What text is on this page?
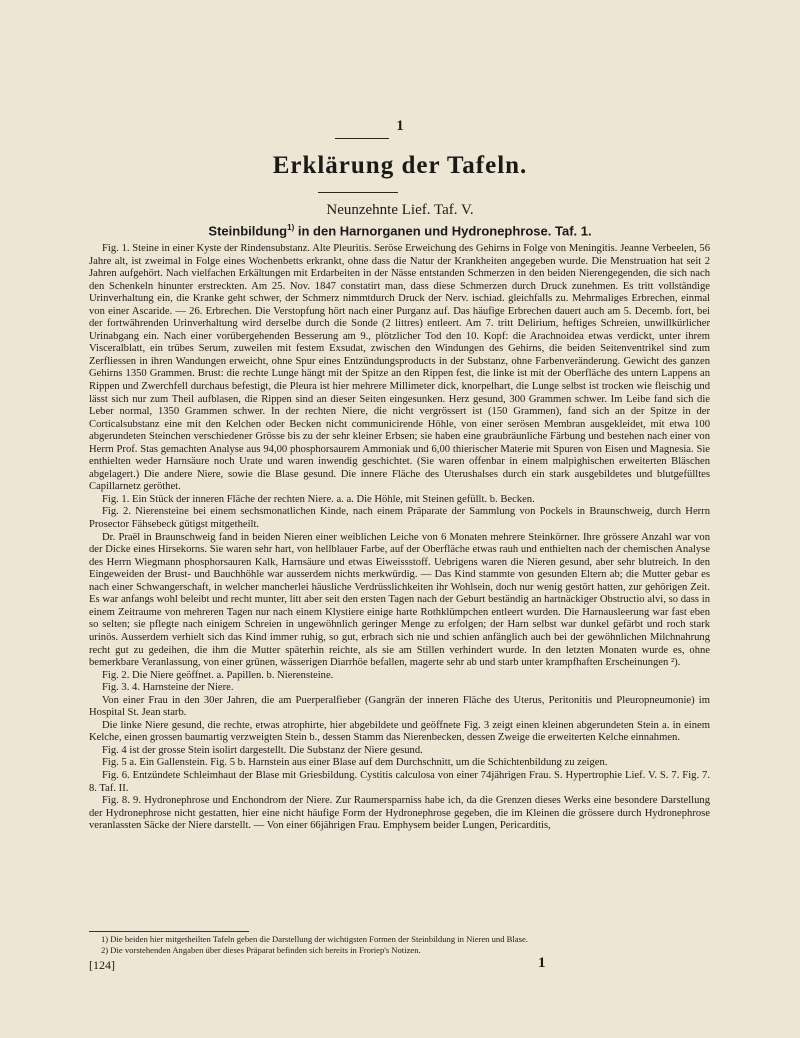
1
Erklärung der Tafeln.
Neunzehnte Lief. Taf. V.
Steinbildung$^{1)}$ in den Harnorganen und Hydronephrose. Taf. 1.

Fig. 1. Steine in einer Kyste der Rindensubstanz. Alte Pleuritis. Seröse Erweichung des Gehirns in Folge von Meningitis. Jeanne Verbeelen, 56 Jahre alt, ist zweimal in Folge eines Wochenbetts erkrankt, ohne dass die Natur der Krankheiten angegeben wurde. Die Menstruation hat seit 2 Jahren aufgehört. Nach vielfachen Erkältungen mit Erdarbeiten in der Nässe entstanden Schmerzen in den beiden Nierengegenden, die sich nach den Schenkeln hinunter erstreckten. Am 25. Nov. 1847 constatirt man, dass diese Schmerzen durch Druck zunehmen. Es tritt vollständige Urinverhaltung ein, die Kranke geht schwer, der Schmerz nimmtdurch Druck der Nerv. ischiad. gleichfalls zu. Mehrmaliges Erbrechen, einmal von einer Ascaride. — 26. Erbrechen. Die Verstopfung hört nach einer Purganz auf. Das häufige Erbrechen dauert auch am 5. Decemb. fort, bei der fortwährenden Urinverhaltung wird derselbe durch die Sonde (2 littres) entleert. Am 7. tritt Delirium, heftiges Schreien, unwillkürlicher Urinabgang ein. Nach einer vorübergehenden Besserung am 9., plötzlicher Tod den 10. Kopf: die Arachnoidea etwas verdickt, unter ihrem Visceralblatt, ein trübes Serum, zuweilen mit festem Exsudat, zwischen den Windungen des Gehirns, die beiden Seitenventrikel sind zum Zerfliessen in ihren Wandungen erweicht, ohne Spur eines Entzündungsproducts in der Substanz, ohne Farbenveränderung. Gewicht des ganzen Gehirns 1350 Grammen. Brust: die rechte Lunge hängt mit der Spitze an den Rippen fest, die linke ist mit der Oberfläche des untern Lappens an Rippen und Zwerchfell durchaus befestigt, die Pleura ist hier mehrere Millimeter dick, knorpelhart, die Lunge selbst ist trocken wie fleischig und lässt sich nur zum Theil aufblasen, die Rippen sind an dieser Seiten eingesunken. Herz gesund, 300 Grammen schwer. Im Leibe fand sich die Leber normal, 1350 Grammen schwer. In der rechten Niere, die nicht vergrössert ist (150 Grammen), fand sich an der Spitze in der Corticalsubstanz eine mit den Kelchen oder Becken nicht communicirende Höhle, von einer serösen Membran ausgekleidet, mit etwa 100 abgerundeten Steinchen verschiedener Grösse bis zu der sehr kleiner Erbsen; sie haben eine graubräunliche Färbung und bestehen nach einer von Herrn Prof. Stas gemachten Analyse aus 94,00 phosphorsaurem Ammoniak und 6,00 thierischer Materie mit Spuren von Eisen und Magnesia. Sie enthielten weder Harnsäure noch Urate und waren inwendig geschichtet. (Sie waren offenbar in einem malpighischen erweiterten Bläschen abgelagert.) Die andere Niere, sowie die Blase gesund. Die innere Fläche des Uterushalses durch ein stark ausgebildetes und blutgefülltes Capillarnetz geröthet.

Fig. 1. Ein Stück der inneren Fläche der rechten Niere. a. a. Die Höhle, mit Steinen gefüllt. b. Becken.

Fig. 2. Nierensteine bei einem sechsmonatlichen Kinde, nach einem Präparate der Sammlung von Pockels in Braunschweig, durch Herrn Prosector Fähsebeck gütigst mitgetheilt.

Dr. Praël in Braunschweig fand in beiden Nieren einer weiblichen Leiche von 6 Monaten mehrere Steinkörner. Ihre grössere Anzahl war von der Dicke eines Hirsekorns. Sie waren sehr hart, von hellblauer Farbe, auf der Oberfläche etwas rauh und enthielten nach der chemischen Analyse des Herrn Wiegmann phosphorsauren Kalk, Harnsäure und etwas Eiweissstoff. Uebrigens waren die Nieren gesund, aber sehr blutreich. In den Eingeweiden der Brust- und Bauchhöhle war ausserdem nichts merkwürdig. — Das Kind stammte von gesunden Eltern ab; die Mutter gebar es nach einer Schwangerschaft, in welcher mancherlei häusliche Verdrüsslichkeiten ihr Wohlsein, doch nur wenig gestört hatten, zur gehörigen Zeit. Es war anfangs wohl beleibt und recht munter, litt aber seit den ersten Tagen nach der Geburt beständig an hartnäckiger Obstructio alvi, so dass in einem Zeitraume von mehreren Tagen nur nach einem Klystiere einige harte Rothklümpchen entleert wurden. Die Harnausleerung war fast eben so selten; sie pflegte nach einigem Schreien in ungewöhnlich geringer Menge zu erfolgen; der Harn selbst war dunkel gefärbt und roch stark urinös. Ausserdem verhielt sich das Kind immer ruhig, so gut, erbrach sich nie und schien anfänglich auch bei der gewöhnlichen Milchnahrung recht gut zu gedeihen, die ihm die Mutter späterhin reichte, als sie am Stillen verhindert wurde. In den letzten Monaten wurde es, ohne bemerkbare Veranlassung, von einer grünen, wässerigen Diarrhöe befallen, magerte sehr ab und starb unter krampfhaften Erscheinungen ²).

Fig. 2. Die Niere geöffnet. a. Papillen. b. Nierensteine.

Fig. 3. 4. Harnsteine der Niere.

Von einer Frau in den 30er Jahren, die am Puerperalfieber (Gangrän der inneren Fläche des Uterus, Peritonitis und Pleuropneumonie) im Hospital St. Jean starb.

Die linke Niere gesund, die rechte, etwas atrophirte, hier abgebildete und geöffnete Fig. 3 zeigt einen kleinen abgerundeten Stein a. in einem Kelche, einen grossen baumartig verzweigten Stein b., dessen Stamm das Nierenbecken, dessen Zweige die erweiterten Kelche einnahmen.

Fig. 4 ist der grosse Stein isolirt dargestellt. Die Substanz der Niere gesund.

Fig. 5 a. Ein Gallenstein. Fig. 5 b. Harnstein aus einer Blase auf dem Durchschnitt, um die Schichtenbildung zu zeigen.

Fig. 6. Entzündete Schleimhaut der Blase mit Griesbildung. Cystitis calculosa von einer 74jährigen Frau. S. Hypertrophie Lief. V. S. 7. Fig. 7. 8. Taf. II.

Fig. 8. 9. Hydronephrose und Enchondrom der Niere. Zur Raumersparniss habe ich, da die Grenzen dieses Werks eine besondere Darstellung der Hydronephrose nicht gestatten, hier eine nicht häufige Form der Hydronephrose gegeben, die im Kleinen die grössere durch Hydronephrose veranlassten Säcke der Niere darstellt. — Von einer 66jährigen Frau. Emphysem beider Lungen, Pericarditis,

1) Die beiden hier mitgetheilten Tafeln geben die Darstellung der wichtigsten Formen der Steinbildung in Nieren und Blase.
2) Die vorstehenden Angaben über dieses Präparat befinden sich bereits in Froriep's Notizen.
[124]	1
